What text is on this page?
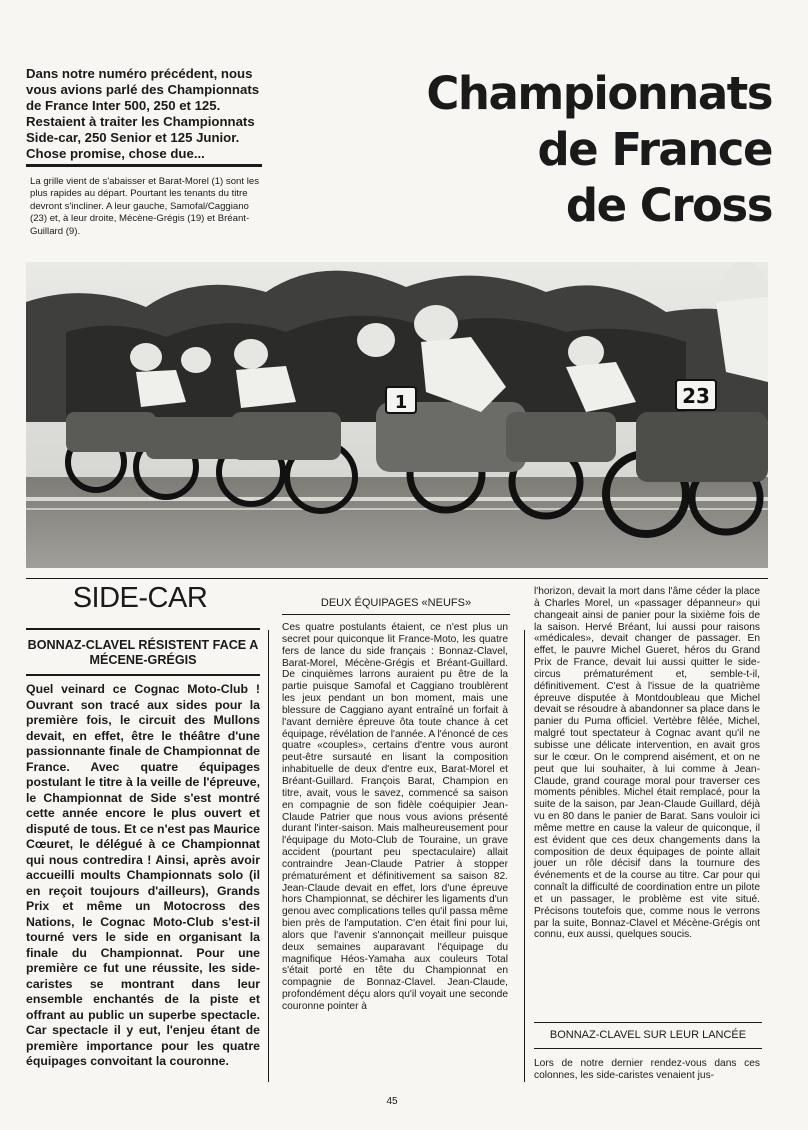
Dans notre numéro précédent, nous vous avions parlé des Championnats de France Inter 500, 250 et 125. Restaient à traiter les Championnats Side-car, 250 Senior et 125 Junior. Chose promise, chose due...

La grille vient de s'abaisser et Barat-Morel (1) sont les plus rapides au départ. Pourtant les tenants du titre devront s'incliner. A leur gauche, Samofal/Caggiano (23) et, à leur droite, Mécène-Grégis (19) et Bréant-Guillard (9).

Championnats
de France
de Cross
23
1
SIDE-CAR
BONNAZ-CLAVEL RÉSISTENT FACE A MÉCENE-GRÉGIS

Quel veinard ce Cognac Moto-Club ! Ouvrant son tracé aux sides pour la première fois, le circuit des Mullons devait, en effet, être le théâtre d'une passionnante finale de Championnat de France. Avec quatre équipages postulant le titre à la veille de l'épreuve, le Championnat de Side s'est montré cette année encore le plus ouvert et disputé de tous. Et ce n'est pas Maurice Cœuret, le délégué à ce Championnat qui nous contredira ! Ainsi, après avoir accueilli moults Championnats solo (il en reçoit toujours d'ailleurs), Grands Prix et même un Motocross des Nations, le Cognac Moto-Club s'est-il tourné vers le side en organisant la finale du Championnat. Pour une première ce fut une réussite, les side-caristes se montrant dans leur ensemble enchantés de la piste et offrant au public un superbe spectacle. Car spectacle il y eut, l'enjeu étant de première importance pour les quatre équipages convoitant la couronne.

DEUX ÉQUIPAGES «NEUFS»

Ces quatre postulants étaient, ce n'est plus un secret pour quiconque lit France-Moto, les quatre fers de lance du side français : Bonnaz-Clavel, Barat-Morel, Mécène-Grégis et Bréant-Guillard. De cinquièmes larrons auraient pu être de la partie puisque Samofal et Caggiano troublèrent les jeux pendant un bon moment, mais une blessure de Caggiano ayant entraîné un forfait à l'avant dernière épreuve ôta toute chance à cet équipage, révélation de l'année. A l'énoncé de ces quatre «couples», certains d'entre vous auront peut-être sursauté en lisant la composition inhabituelle de deux d'entre eux, Barat-Morel et Bréant-Guillard. François Barat, Champion en titre, avait, vous le savez, commencé sa saison en compagnie de son fidèle coéquipier Jean-Claude Patrier que nous vous avions présenté durant l'inter-saison. Mais malheureusement pour l'équipage du Moto-Club de Touraine, un grave accident (pourtant peu spectaculaire) allait contraindre Jean-Claude Patrier à stopper prématurément et définitivement sa saison 82. Jean-Claude devait en effet, lors d'une épreuve hors Championnat, se déchirer les ligaments d'un genou avec complications telles qu'il passa même bien près de l'amputation. C'en était fini pour lui, alors que l'avenir s'annonçait meilleur puisque deux semaines auparavant l'équipage du magnifique Héos-Yamaha aux couleurs Total s'était porté en tête du Championnat en compagnie de Bonnaz-Clavel. Jean-Claude, profondément déçu alors qu'il voyait une seconde couronne pointer à

l'horizon, devait la mort dans l'âme céder la place à Charles Morel, un «passager dépanneur» qui changeait ainsi de panier pour la sixième fois de la saison. Hervé Bréant, lui aussi pour raisons «médicales», devait changer de passager. En effet, le pauvre Michel Gueret, héros du Grand Prix de France, devait lui aussi quitter le side-circus prématurément et, semble-t-il, définitivement. C'est à l'issue de la quatrième épreuve disputée à Montdoubleau que Michel devait se résoudre à abandonner sa place dans le panier du Puma officiel. Vertèbre fêlée, Michel, malgré tout spectateur à Cognac avant qu'il ne subisse une délicate intervention, en avait gros sur le cœur. On le comprend aisément, et on ne peut que lui souhaiter, à lui comme à Jean-Claude, grand courage moral pour traverser ces moments pénibles. Michel était remplacé, pour la suite de la saison, par Jean-Claude Guillard, déjà vu en 80 dans le panier de Barat. Sans vouloir ici même mettre en cause la valeur de quiconque, il est évident que ces deux changements dans la composition de deux équipages de pointe allait jouer un rôle décisif dans la tournure des événements et de la course au titre. Car pour qui connaît la difficulté de coordination entre un pilote et un passager, le problème est vite situé. Précisons toutefois que, comme nous le verrons par la suite, Bonnaz-Clavel et Mécène-Grégis ont connu, eux aussi, quelques soucis.

BONNAZ-CLAVEL SUR LEUR LANCÉE

Lors de notre dernier rendez-vous dans ces colonnes, les side-caristes venaient jus-

45
